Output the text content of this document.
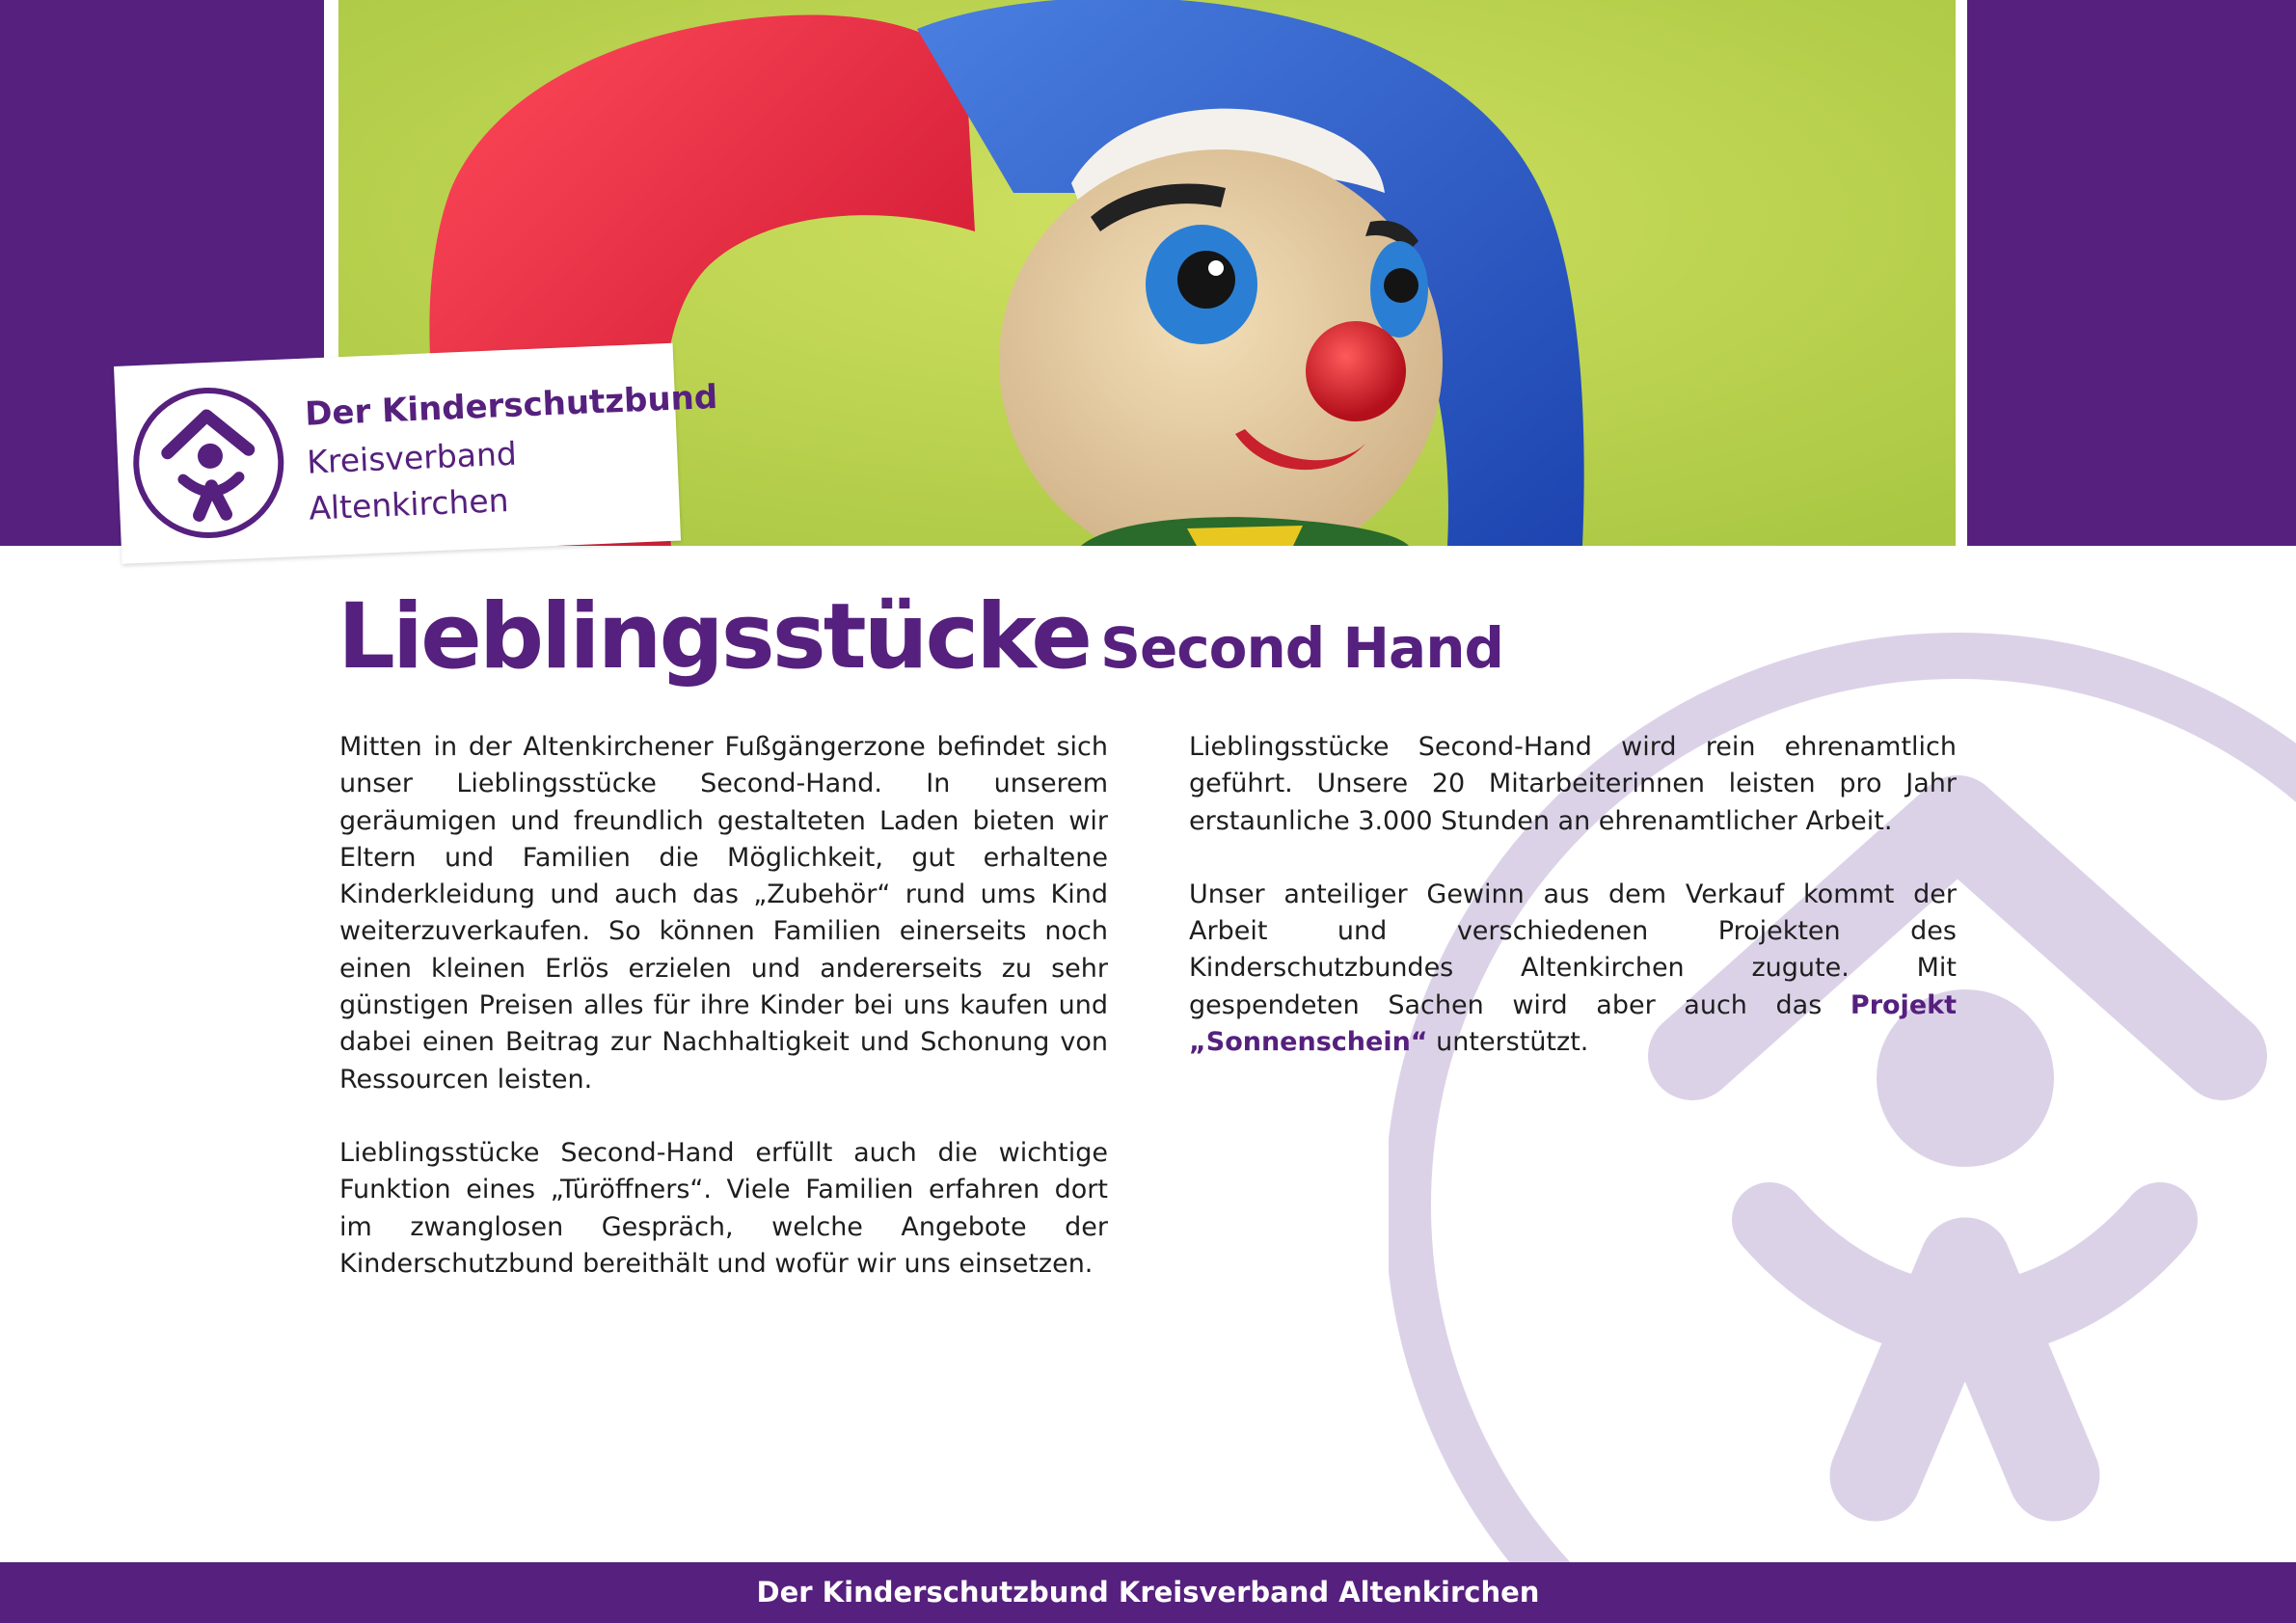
Der Kinderschutzbund
Kreisverband
Altenkirchen
Lieblingsstücke Second Hand

Mitten in der Altenkirchener Fußgängerzone befindet sich unser Lieblingsstücke Second-Hand. In unserem geräumigen und freundlich gestalteten Laden bieten wir Eltern und Familien die Möglichkeit, gut erhaltene Kinderkleidung und auch das „Zubehör“ rund ums Kind weiterzuverkaufen. So können Familien einerseits noch einen kleinen Erlös erzielen und andererseits zu sehr günstigen Preisen alles für ihre Kinder bei uns kaufen und dabei einen Beitrag zur Nachhaltigkeit und Schonung von Ressourcen leisten.

Lieblingsstücke Second-Hand erfüllt auch die wichtige Funktion eines „Türöffners“. Viele Familien erfahren dort im zwanglosen Gespräch, welche Angebote der Kinderschutzbund bereithält und wofür wir uns einsetzen.

Lieblingsstücke Second-Hand wird rein ehrenamtlich geführt. Unsere 20 Mitarbeiterinnen leisten pro Jahr erstaunliche 3.000 Stunden an ehrenamtlicher Arbeit.

Unser anteiliger Gewinn aus dem Verkauf kommt der Arbeit und verschiedenen Projekten des Kinderschutzbundes Altenkirchen zugute. Mit gespendeten Sachen wird aber auch das Projekt „Sonnenschein“ unterstützt.

Der Kinderschutzbund Kreisverband Altenkirchen
